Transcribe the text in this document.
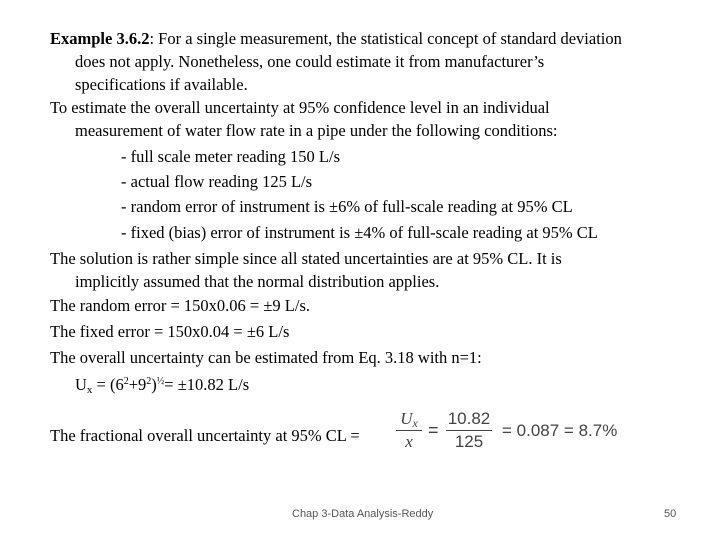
Example 3.6.2: For a single measurement, the statistical concept of standard deviation
does not apply. Nonetheless, one could estimate it from manufacturer’s
specifications if available.
To estimate the overall uncertainty at 95% confidence level in an individual
measurement of water flow rate in a pipe under the following conditions:
- full scale meter reading 150 L/s
- actual flow reading 125 L/s
- random error of instrument is ±6% of full-scale reading at 95% CL
- fixed (bias) error of instrument is ±4% of full-scale reading at 95% CL
The solution is rather simple since all stated uncertainties are at 95% CL. It is
implicitly assumed that the normal distribution applies.
The random error = 150x0.06 = ±9 L/s.
The fixed error = 150x0.04 = ±6 L/s
The overall uncertainty can be estimated from Eq. 3.18 with n=1:
$U_x = (6^2+9^2)^{\frac{1}{2}}= \pm 10.82$ L/s
The fractional overall uncertainty at 95% CL =
$U_x$
x
=
10.82
125
= 0.087 = 8.7%
Chap 3-Data Analysis-Reddy	50
